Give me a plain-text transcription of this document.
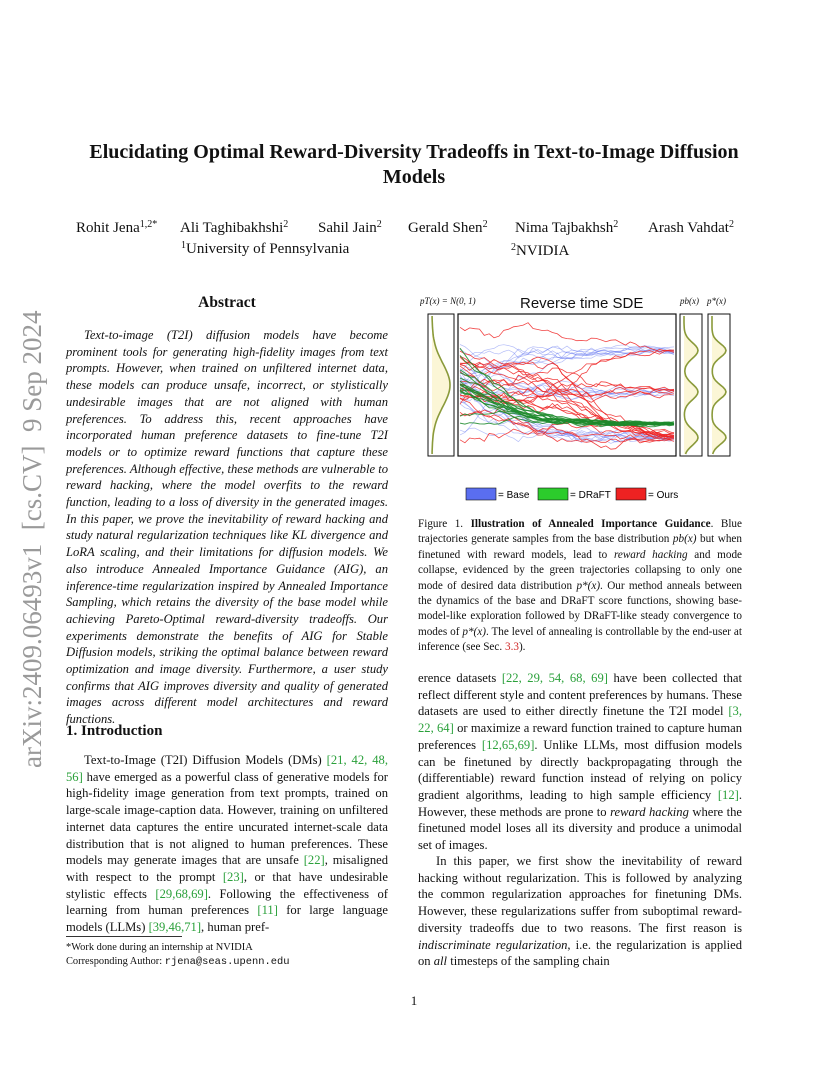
arXiv:2409.06493v1  [cs.CV]  9 Sep 2024
Elucidating Optimal Reward-Diversity Tradeoffs in Text-to-Image Diffusion Models
Rohit Jena$^{1,2*}$ Ali Taghibakhshi$^2$ Sahil Jain$^2$ Gerald Shen$^2$ Nima Tajbakhsh$^2$ Arash Vahdat$^2$
$^1$University of Pennsylvania	$^2$NVIDIA
Abstract
Text-to-image (T2I) diffusion models have become prominent tools for generating high-fidelity images from text prompts. However, when trained on unfiltered internet data, these models can produce unsafe, incorrect, or stylistically undesirable images that are not aligned with human preferences. To address this, recent approaches have incorporated human preference datasets to fine-tune T2I models or to optimize reward functions that capture these preferences. Although effective, these methods are vulnerable to reward hacking, where the model overfits to the reward function, leading to a loss of diversity in the generated images. In this paper, we prove the inevitability of reward hacking and study natural regularization techniques like KL divergence and LoRA scaling, and their limitations for diffusion models. We also introduce Annealed Importance Guidance (AIG), an inference-time regularization inspired by Annealed Importance Sampling, which retains the diversity of the base model while achieving Pareto-Optimal reward-diversity tradeoffs. Our experiments demonstrate the benefits of AIG for Stable Diffusion models, striking the optimal balance between reward optimization and image diversity. Furthermore, a user study confirms that AIG improves diversity and quality of generated images across different model architectures and reward functions.
1. Introduction
Text-to-Image (T2I) Diffusion Models (DMs) [21, 42, 48, 56] have emerged as a powerful class of generative models for high-fidelity image generation from text prompts, trained on large-scale image-caption data. However, training on unfiltered internet data captures the entire uncurated internet-scale data distribution that is not aligned to human preferences. These models may generate images that are unsafe [22], misaligned with respect to the prompt [23], or that have undesirable stylistic effects [29,68,69]. Following the effectiveness of learning from human preferences [11] for large language models (LLMs) [39,46,71], human pref-
*Work done during an internship at NVIDIA
Corresponding Author: rjena@seas.upenn.edu
pT(x) = N(0, 1)	Reverse time SDE	pb(x) p*(x)
= Base	= DRaFT	= Ours
Figure 1. Illustration of Annealed Importance Guidance. Blue trajectories generate samples from the base distribution pb(x) but when finetuned with reward models, lead to reward hacking and mode collapse, evidenced by the green trajectories collapsing to only one mode of desired data distribution p*(x). Our method anneals between the dynamics of the base and DRaFT score functions, showing base-model-like exploration followed by DRaFT-like steady convergence to modes of p*(x). The level of annealing is controllable by the end-user at inference (see Sec. 3.3).
erence datasets [22, 29, 54, 68, 69] have been collected that reflect different style and content preferences by humans. These datasets are used to either directly finetune the T2I model [3, 22, 64] or maximize a reward function trained to capture human preferences [12,65,69]. Unlike LLMs, most diffusion models can be finetuned by directly backpropagating through the (differentiable) reward function instead of relying on policy gradient algorithms, leading to high sample efficiency [12]. However, these methods are prone to reward hacking where the finetuned model loses all its diversity and produce a unimodal set of images.
In this paper, we first show the inevitability of reward hacking without regularization. This is followed by analyzing the common regularization approaches for finetuning DMs. However, these regularizations suffer from suboptimal reward-diversity tradeoffs due to two reasons. The first reason is indiscriminate regularization, i.e. the regularization is applied on all timesteps of the sampling chain
1
